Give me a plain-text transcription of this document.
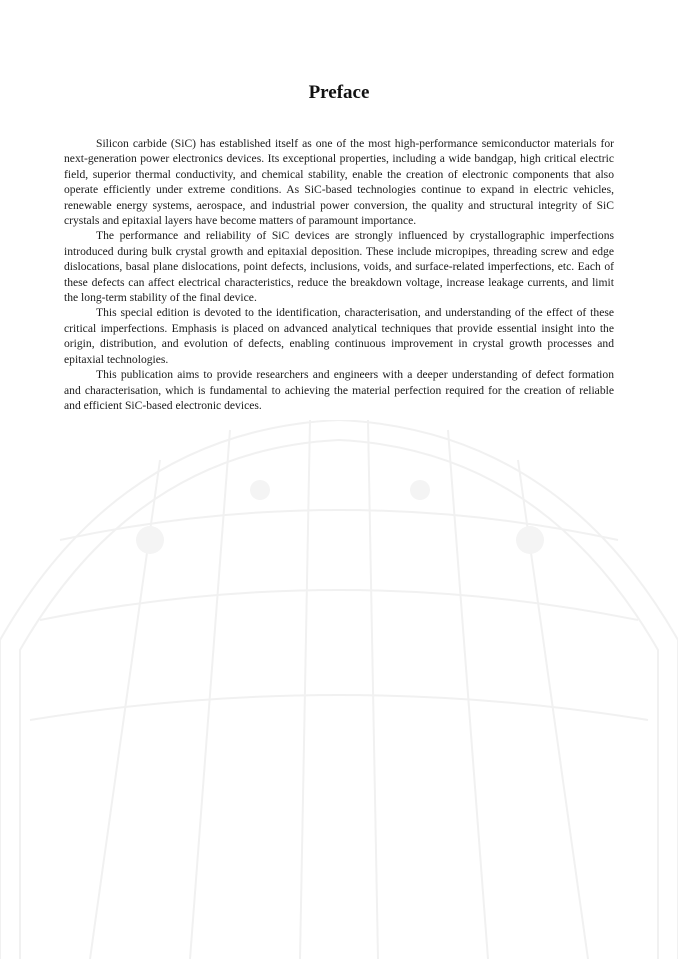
Preface

Silicon carbide (SiC) has established itself as one of the most high-performance semiconductor materials for next-generation power electronics devices. Its exceptional properties, including a wide bandgap, high critical electric field, superior thermal conductivity, and chemical stability, enable the creation of electronic components that also operate efficiently under extreme conditions. As SiC-based technologies continue to expand in electric vehicles, renewable energy systems, aerospace, and industrial power conversion, the quality and structural integrity of SiC crystals and epitaxial layers have become matters of paramount importance.

The performance and reliability of SiC devices are strongly influenced by crystallographic imperfections introduced during bulk crystal growth and epitaxial deposition. These include micropipes, threading screw and edge dislocations, basal plane dislocations, point defects, inclusions, voids, and surface-related imperfections, etc. Each of these defects can affect electrical characteristics, reduce the breakdown voltage, increase leakage currents, and limit the long-term stability of the final device.

This special edition is devoted to the identification, characterisation, and understanding of the effect of these critical imperfections. Emphasis is placed on advanced analytical techniques that provide essential insight into the origin, distribution, and evolution of defects, enabling continuous improvement in crystal growth processes and epitaxial technologies.

This publication aims to provide researchers and engineers with a deeper understanding of defect formation and characterisation, which is fundamental to achieving the material perfection required for the creation of reliable and efficient SiC-based electronic devices.
